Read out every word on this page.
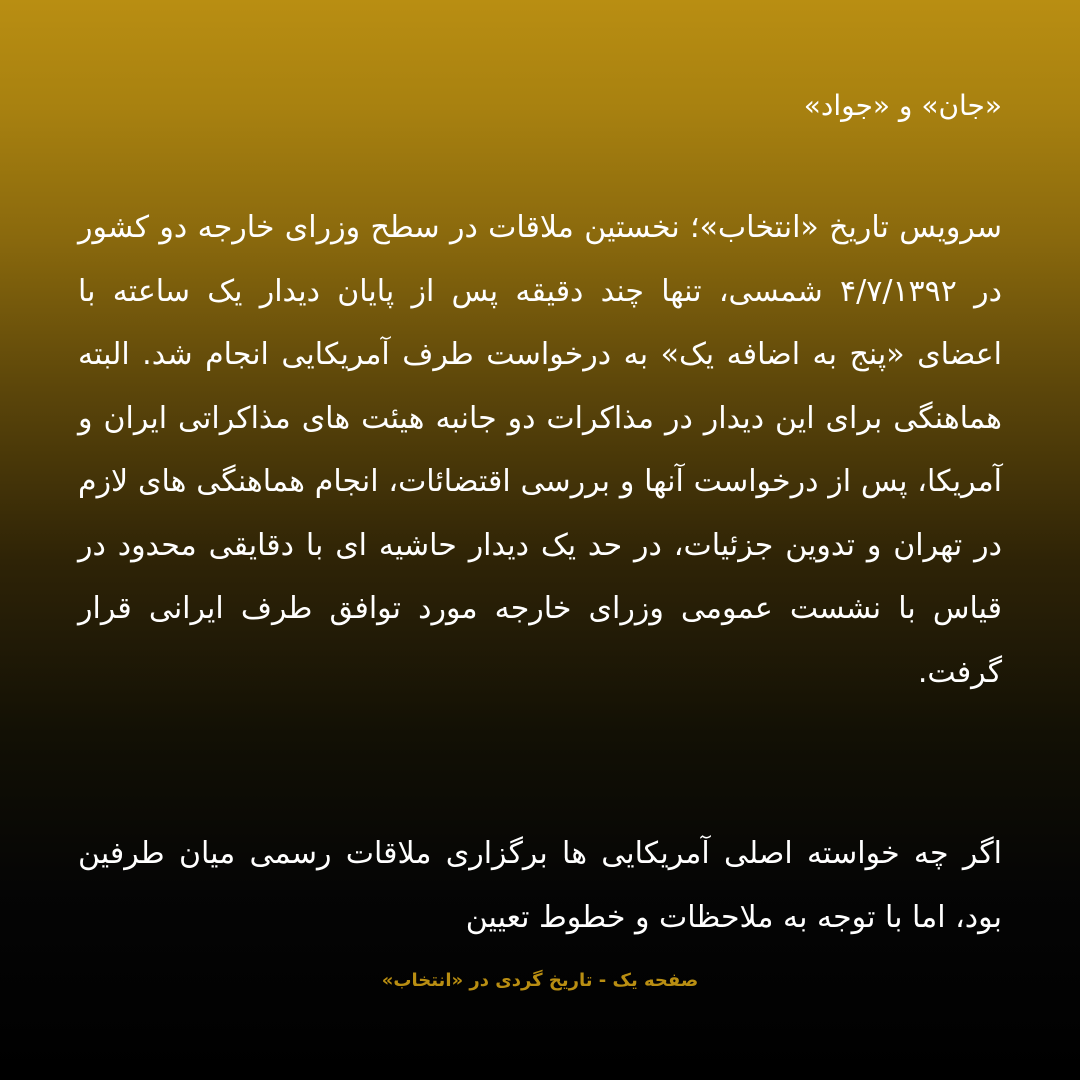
«جان» و «جواد»

سرویس تاریخ «انتخاب»؛ نخستین ملاقات در سطح وزرای خارجه دو کشور در ۴/۷/۱۳۹۲ شمسی، تنها چند دقیقه پس از پایان دیدار یک ساعته با اعضای «پنج به اضافه یک» به درخواست طرف آمریکایی انجام شد. البته هماهنگی برای این دیدار در مذاکرات دو جانبه هیئت های مذاکراتی ایران و آمریکا، پس از درخواست آنها و بررسی اقتضائات، انجام هماهنگی های لازم در تهران و تدوین جزئیات، در حد یک دیدار حاشیه ای با دقایقی محدود در قیاس با نشست عمومی وزرای خارجه مورد توافق طرف ایرانی قرار گرفت.

اگر چه خواسته اصلی آمریکایی ها برگزاری ملاقات رسمی میان طرفین بود، اما با توجه به ملاحظات و خطوط تعیین

صفحه یک - تاریخ گردی در «انتخاب»
